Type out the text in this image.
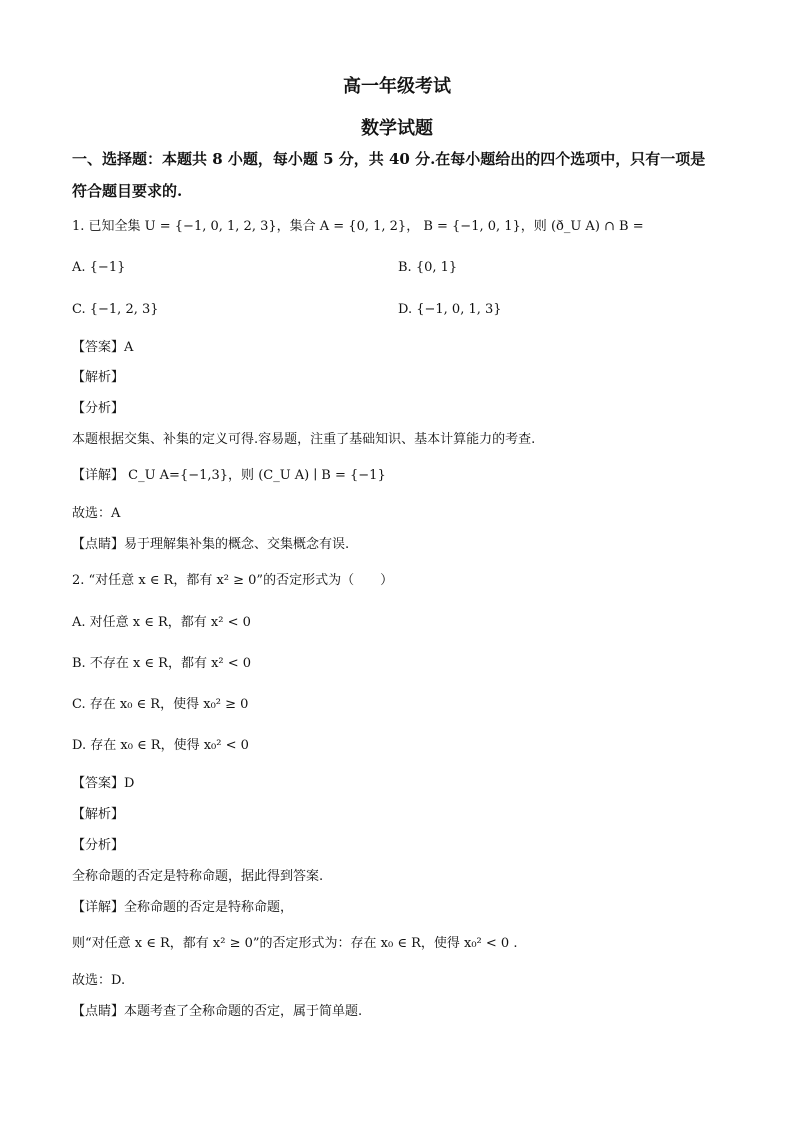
高一年级考试
数学试题
一、选择题：本题共 8 小题，每小题 5 分，共 40 分.在每小题给出的四个选项中，只有一项是
符合题目要求的.
1. 已知全集 U = {−1, 0, 1, 2, 3}，集合 A = {0, 1, 2}， B = {−1, 0, 1}，则 (ð_U A) ∩ B =
A. {−1}	B. {0, 1}
C. {−1, 2, 3}	D. {−1, 0, 1, 3}
【答案】A
【解析】
【分析】
本题根据交集、补集的定义可得.容易题，注重了基础知识、基本计算能力的考查.
【详解】 C_U A={−1,3}，则 (C_U A) ∣ B = {−1}
故选：A
【点睛】易于理解集补集的概念、交集概念有误.
2. “对任意 x ∈ R，都有 x² ≥ 0”的否定形式为（　　）
A. 对任意 x ∈ R，都有 x² < 0
B. 不存在 x ∈ R，都有 x² < 0
C. 存在 x₀ ∈ R，使得 x₀² ≥ 0
D. 存在 x₀ ∈ R，使得 x₀² < 0
【答案】D
【解析】
【分析】
全称命题的否定是特称命题，据此得到答案.
【详解】全称命题的否定是特称命题，
则“对任意 x ∈ R，都有 x² ≥ 0”的否定形式为：存在 x₀ ∈ R，使得 x₀² < 0 .
故选：D.
【点睛】本题考查了全称命题的否定，属于简单题.
